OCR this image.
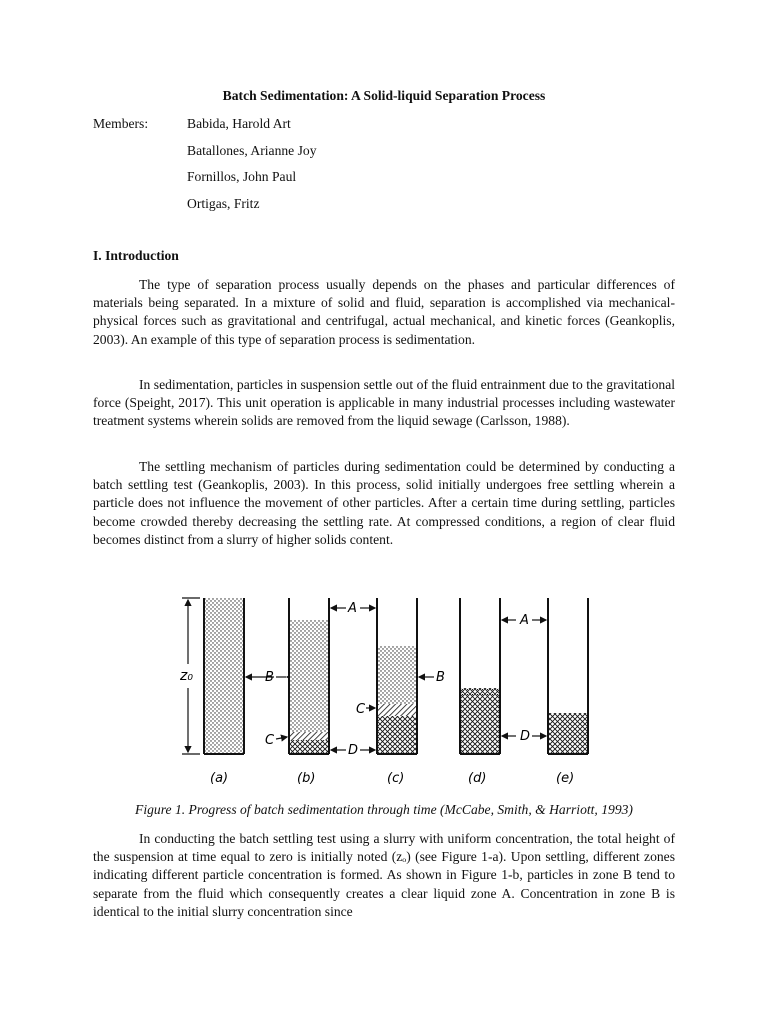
Batch Sedimentation: A Solid-liquid Separation Process
Members:	Babida, Harold Art
Batallones, Arianne Joy
Fornillos, John Paul
Ortigas, Fritz
I. Introduction

The type of separation process usually depends on the phases and particular differences of materials being separated. In a mixture of solid and fluid, separation is accomplished via mechanical-physical forces such as gravitational and centrifugal, actual mechanical, and kinetic forces (Geankoplis, 2003). An example of this type of separation process is sedimentation.

In sedimentation, particles in suspension settle out of the fluid entrainment due to the gravitational force (Speight, 2017). This unit operation is applicable in many industrial processes including wastewater treatment systems wherein solids are removed from the liquid sewage (Carlsson, 1988).

The settling mechanism of particles during sedimentation could be determined by conducting a batch settling test (Geankoplis, 2003). In this process, solid initially undergoes free settling wherein a particle does not influence the movement of other particles. After a certain time during settling, particles become crowded thereby decreasing the settling rate. At compressed conditions, a region of clear fluid becomes distinct from a slurry of higher solids content.

z₀	B
A
C
D
B
C
A
D
(a)	(b)	(c)	(d)	(e)
Figure 1. Progress of batch sedimentation through time (McCabe, Smith, & Harriott, 1993)

In conducting the batch settling test using a slurry with uniform concentration, the total height of the suspension at time equal to zero is initially noted (zₒ) (see Figure 1-a). Upon settling, different zones indicating different particle concentration is formed. As shown in Figure 1-b, particles in zone B tend to separate from the fluid which consequently creates a clear liquid zone A. Concentration in zone B is identical to the initial slurry concentration since
